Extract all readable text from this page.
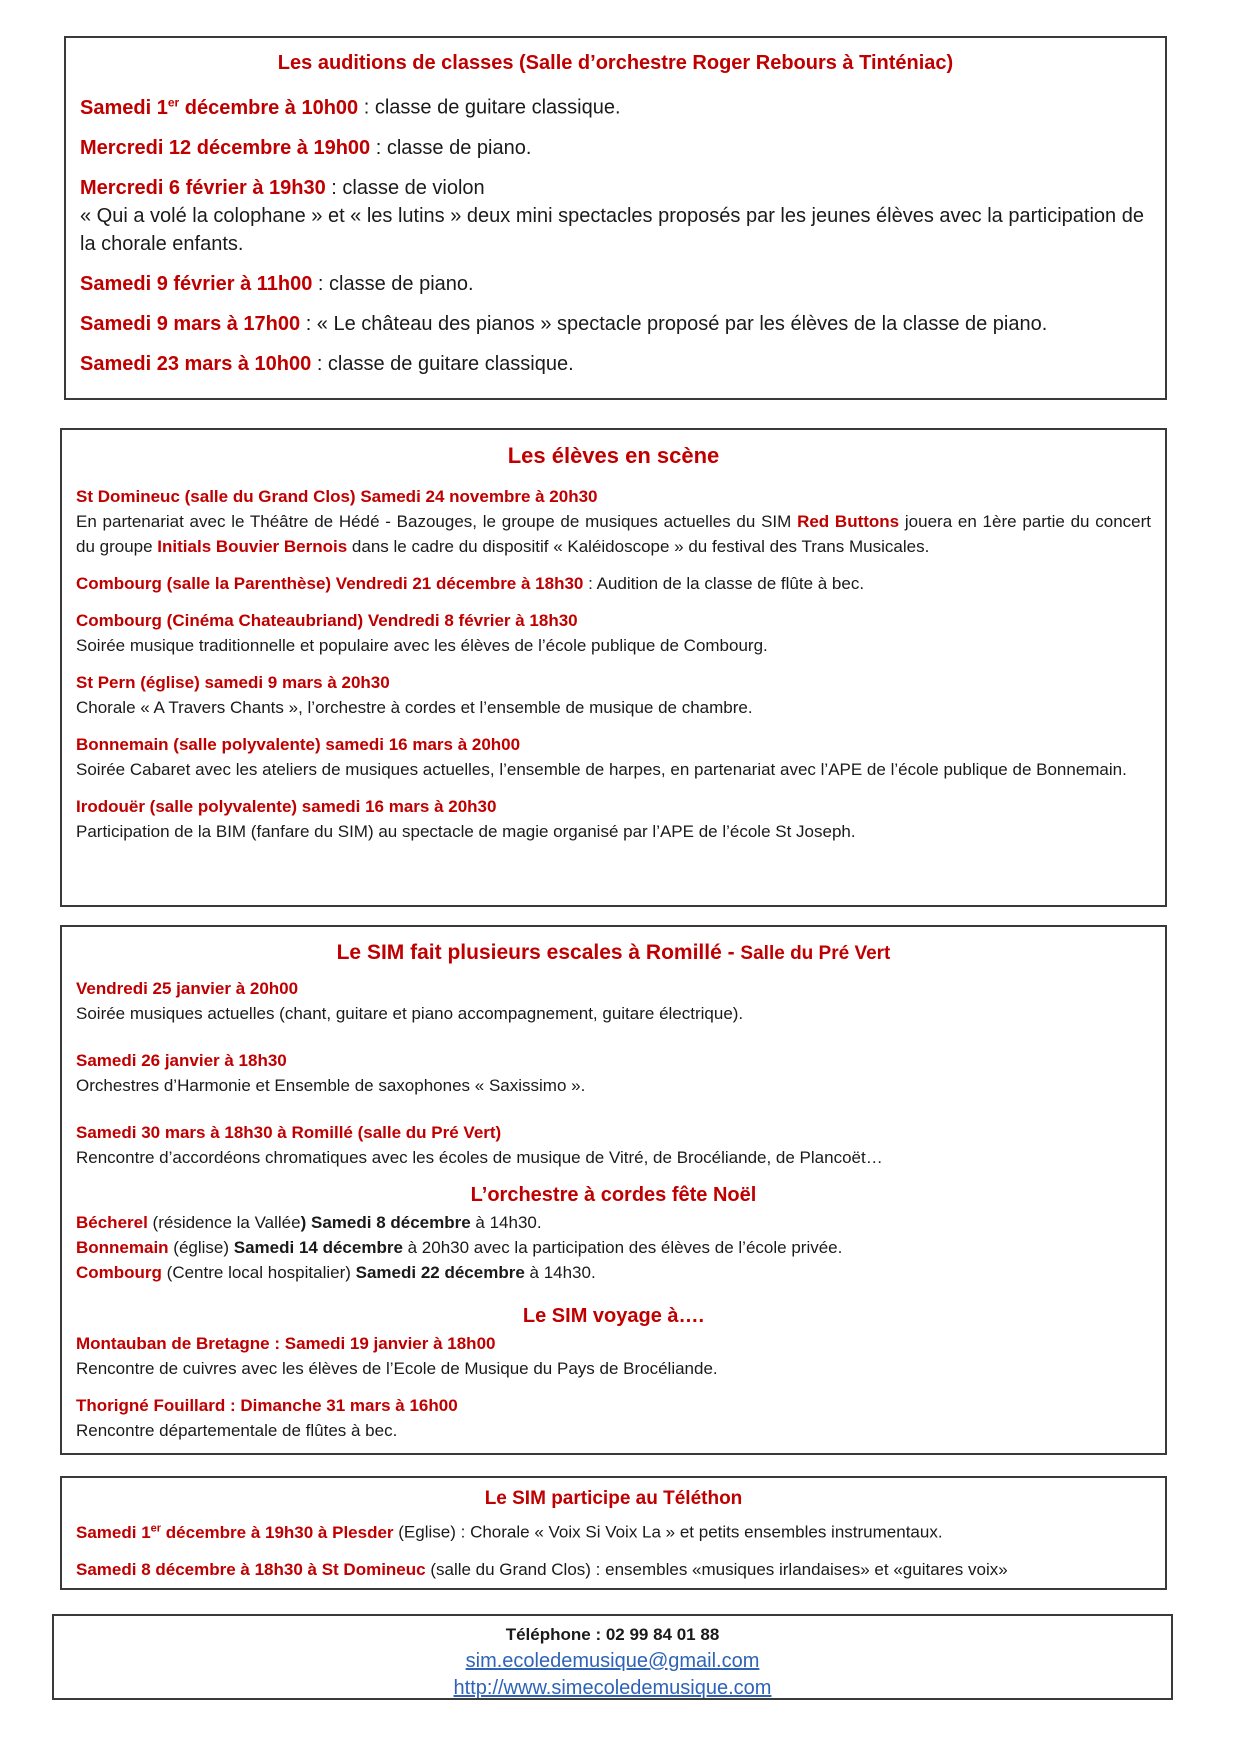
Les auditions de classes (Salle d’orchestre Roger Rebours à Tinténiac)

Samedi 1er décembre à 10h00 : classe de guitare classique.

Mercredi 12 décembre à 19h00 : classe de piano.

Mercredi 6 février à 19h30 : classe de violon
« Qui a volé la colophane » et « les lutins » deux mini spectacles proposés par les jeunes élèves avec la participation de la chorale enfants.

Samedi 9 février à 11h00 : classe de piano.

Samedi 9 mars à 17h00 : « Le château des pianos » spectacle proposé par les élèves de la classe de piano.

Samedi 23 mars à 10h00 : classe de guitare classique.

Les élèves en scène

St Domineuc (salle du Grand Clos) Samedi 24 novembre à 20h30
En partenariat avec le Théâtre de Hédé - Bazouges, le groupe de musiques actuelles du SIM Red Buttons jouera en 1ère partie du concert du groupe Initials Bouvier Bernois dans le cadre du dispositif « Kaléidoscope » du festival des Trans Musicales.

Combourg (salle la Parenthèse) Vendredi 21 décembre à 18h30 : Audition de la classe de flûte à bec.

Combourg (Cinéma Chateaubriand) Vendredi 8 février à 18h30
Soirée musique traditionnelle et populaire avec les élèves de l’école publique de Combourg.

St Pern (église) samedi 9 mars à 20h30
Chorale « A Travers Chants », l’orchestre à cordes et l’ensemble de musique de chambre.

Bonnemain (salle polyvalente) samedi 16 mars à 20h00
Soirée Cabaret avec les ateliers de musiques actuelles, l’ensemble de harpes, en partenariat avec l’APE de l’école publique de Bonnemain.

Irodouër (salle polyvalente) samedi 16 mars à 20h30
Participation de la BIM (fanfare du SIM) au spectacle de magie organisé par l’APE de l’école St Joseph.

Le SIM fait plusieurs escales à Romillé - Salle du Pré Vert

Vendredi 25 janvier à 20h00
Soirée musiques actuelles (chant, guitare et piano accompagnement, guitare électrique).

Samedi 26 janvier à 18h30
Orchestres d’Harmonie et Ensemble de saxophones « Saxissimo ».

Samedi 30 mars à 18h30 à Romillé (salle du Pré Vert)
Rencontre d’accordéons chromatiques avec les écoles de musique de Vitré, de Brocéliande, de Plancoët…

L’orchestre à cordes fête Noël

Bécherel (résidence la Vallée) Samedi 8 décembre à 14h30.

Bonnemain (église) Samedi 14 décembre à 20h30 avec la participation des élèves de l’école privée.

Combourg (Centre local hospitalier) Samedi 22 décembre à 14h30.

Le SIM voyage à….

Montauban de Bretagne : Samedi 19 janvier à 18h00
Rencontre de cuivres avec les élèves de l’Ecole de Musique du Pays de Brocéliande.

Thorigné Fouillard : Dimanche 31 mars à 16h00
Rencontre départementale de flûtes à bec.

Le SIM participe au Téléthon

Samedi 1er décembre à 19h30 à Plesder (Eglise) : Chorale « Voix Si Voix La » et petits ensembles instrumentaux.

Samedi 8 décembre à 18h30 à St Domineuc (salle du Grand Clos) : ensembles «musiques irlandaises» et «guitares voix»

Téléphone : 02 99 84 01 88

sim.ecoledemusique@gmail.com
http://www.simecoledemusique.com
